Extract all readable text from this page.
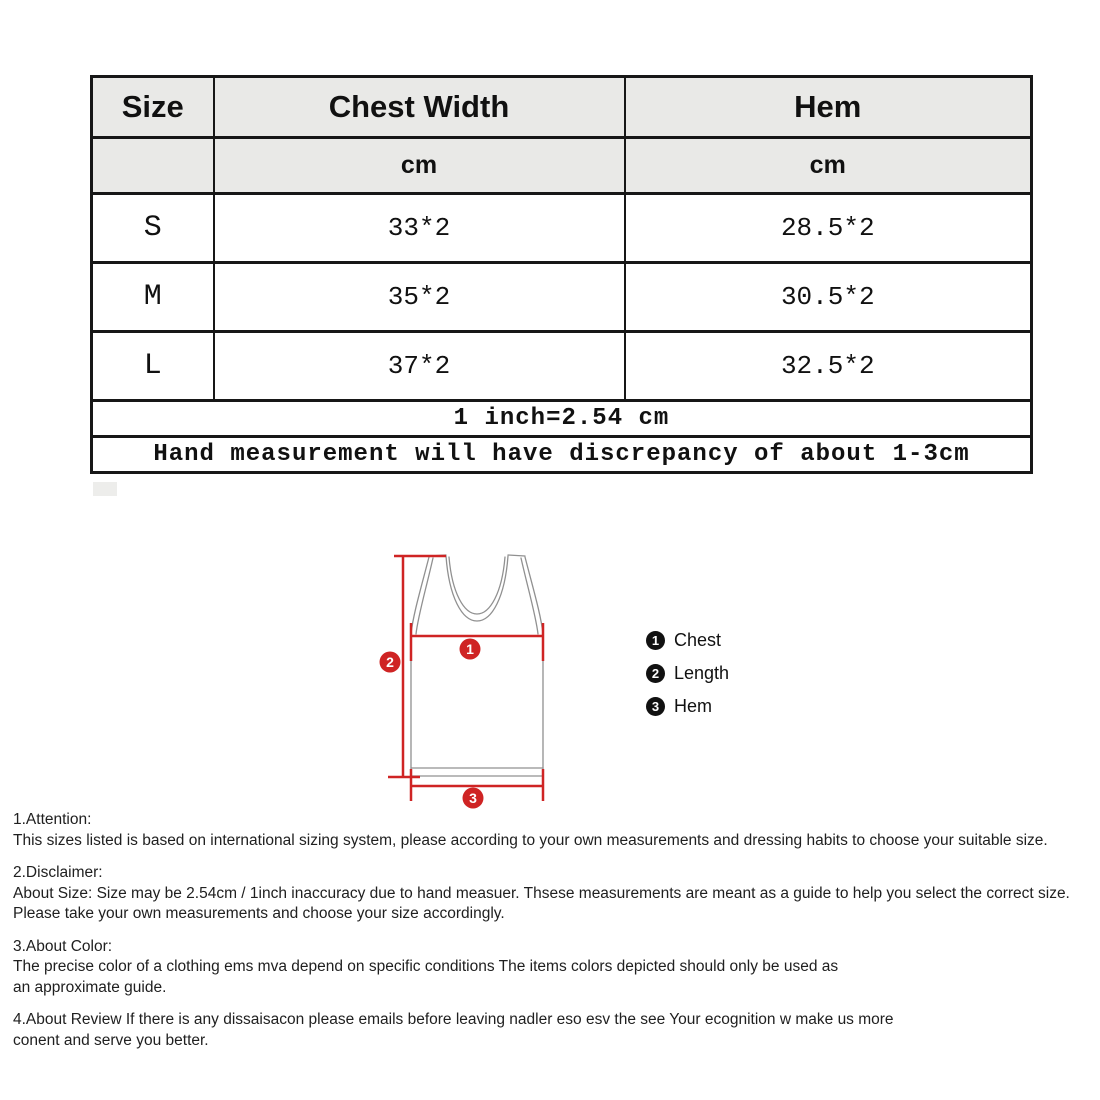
Size	Chest Width	Hem
	cm	cm
S	33*2	28.5*2
M	35*2	30.5*2
L	37*2	32.5*2
1 inch=2.54 cm		
Hand measurement will have discrepancy of about 1-3cm		
1
2
3
1 Chest
2 Length
3 Hem
1.Attention:
This sizes listed is based on international sizing system, please according to your own measurements and dressing habits to choose your suitable size.
2.Disclaimer:
About Size: Size may be 2.54cm / 1inch inaccuracy due to hand measuer. Thsese measurements are meant as a guide to help you select the correct size.
Please take your own measurements and choose your size accordingly.
3.About Color:
The precise color of a clothing ems mva depend on specific conditions The items colors depicted should only be used as
an approximate guide.
4.About Review If there is any dissaisacon please emails before leaving nadler eso esv the see Your ecognition w make us more
conent and serve you better.
